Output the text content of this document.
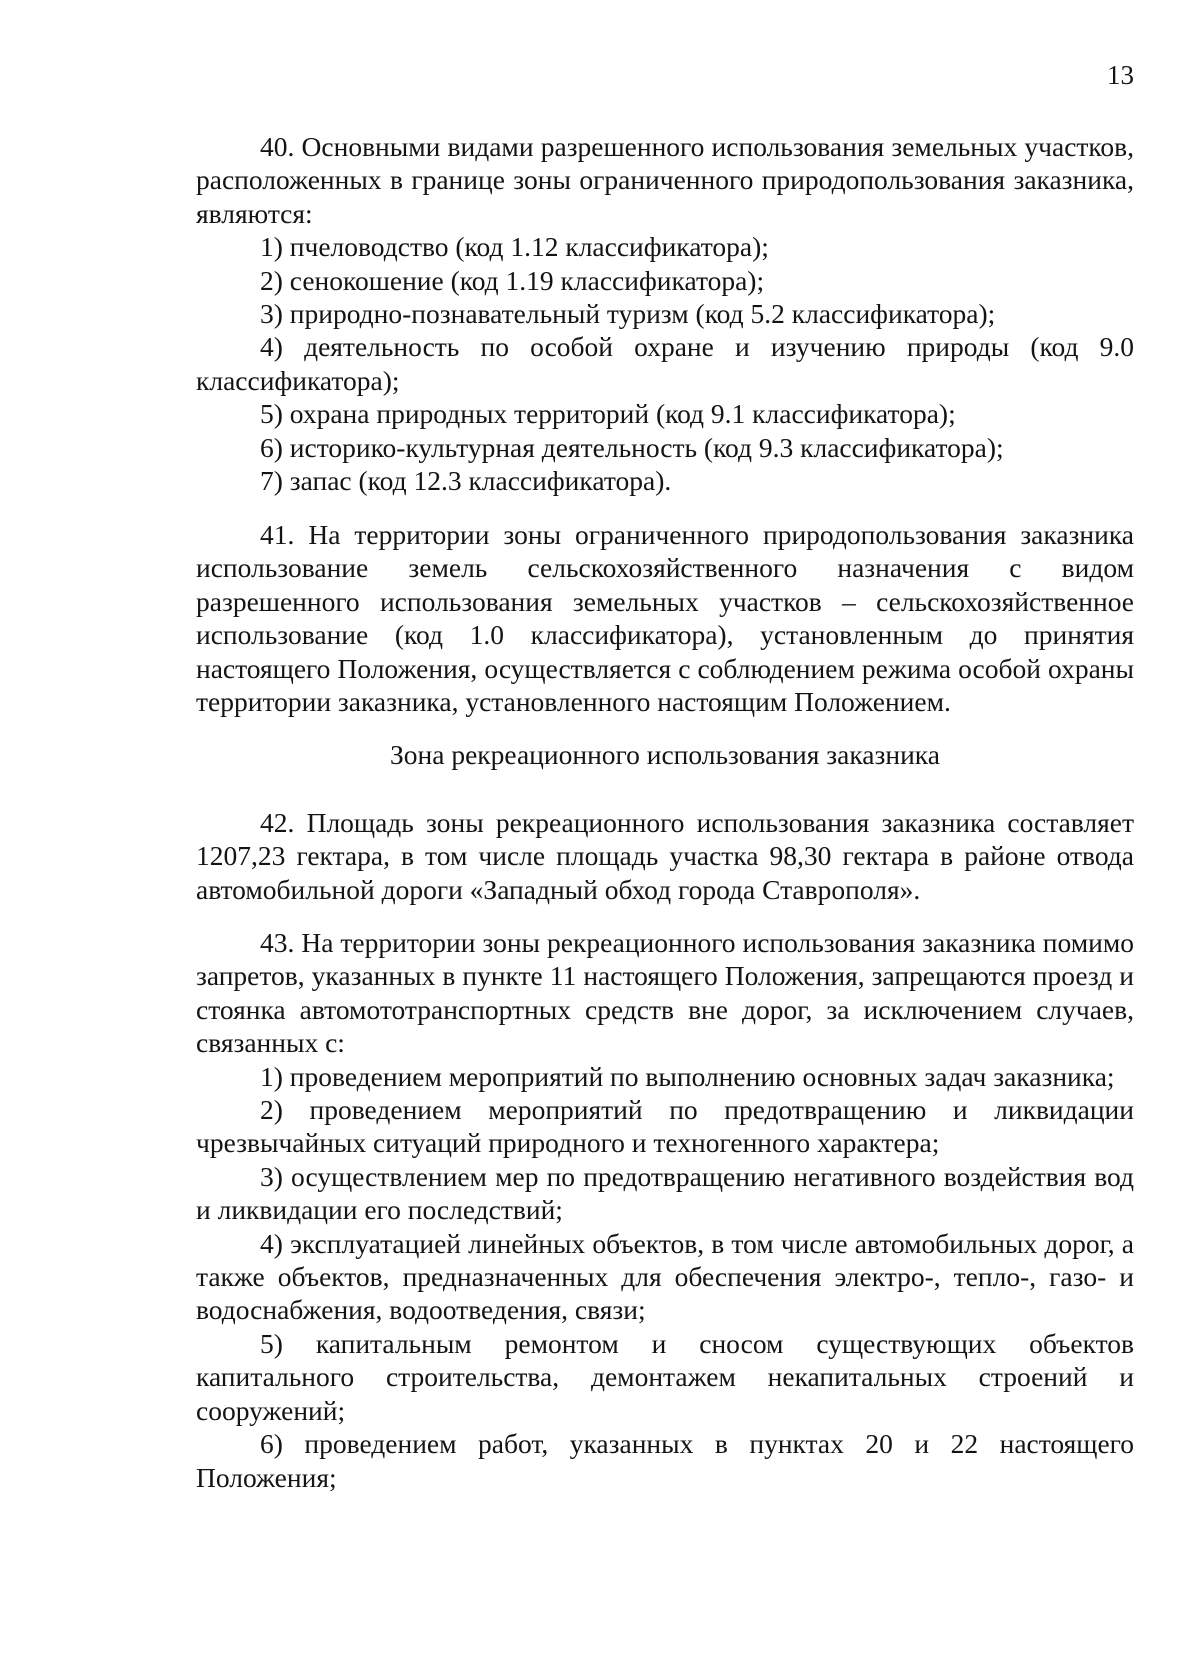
13

40. Основными видами разрешенного использования земельных участков, расположенных в границе зоны ограниченного природопользования заказника, являются:

1) пчеловодство (код 1.12 классификатора);

2) сенокошение (код 1.19 классификатора);

3) природно-познавательный туризм (код 5.2 классификатора);

4) деятельность по особой охране и изучению природы (код 9.0 классификатора);

5) охрана природных территорий (код 9.1 классификатора);

6) историко-культурная деятельность (код 9.3 классификатора);

7) запас (код 12.3 классификатора).

41. На территории зоны ограниченного природопользования заказника использование земель сельскохозяйственного назначения с видом разрешенного использования земельных участков – сельскохозяйственное использование (код 1.0 классификатора), установленным до принятия настоящего Положения, осуществляется с соблюдением режима особой охраны территории заказника, установленного настоящим Положением.

Зона рекреационного использования заказника

42. Площадь зоны рекреационного использования заказника составляет 1207,23 гектара, в том числе площадь участка 98,30 гектара в районе отвода автомобильной дороги «Западный обход города Ставрополя».

43. На территории зоны рекреационного использования заказника помимо запретов, указанных в пункте 11 настоящего Положения, запрещаются проезд и стоянка автомототранспортных средств вне дорог, за исключением случаев, связанных с:

1) проведением мероприятий по выполнению основных задач заказника;

2) проведением мероприятий по предотвращению и ликвидации чрезвычайных ситуаций природного и техногенного характера;

3) осуществлением мер по предотвращению негативного воздействия вод и ликвидации его последствий;

4) эксплуатацией линейных объектов, в том числе автомобильных дорог, а также объектов, предназначенных для обеспечения электро-, тепло-, газо- и водоснабжения, водоотведения, связи;

5) капитальным ремонтом и сносом существующих объектов капитального строительства, демонтажем некапитальных строений и сооружений;

6) проведением работ, указанных в пунктах 20 и 22 настоящего Положения;
